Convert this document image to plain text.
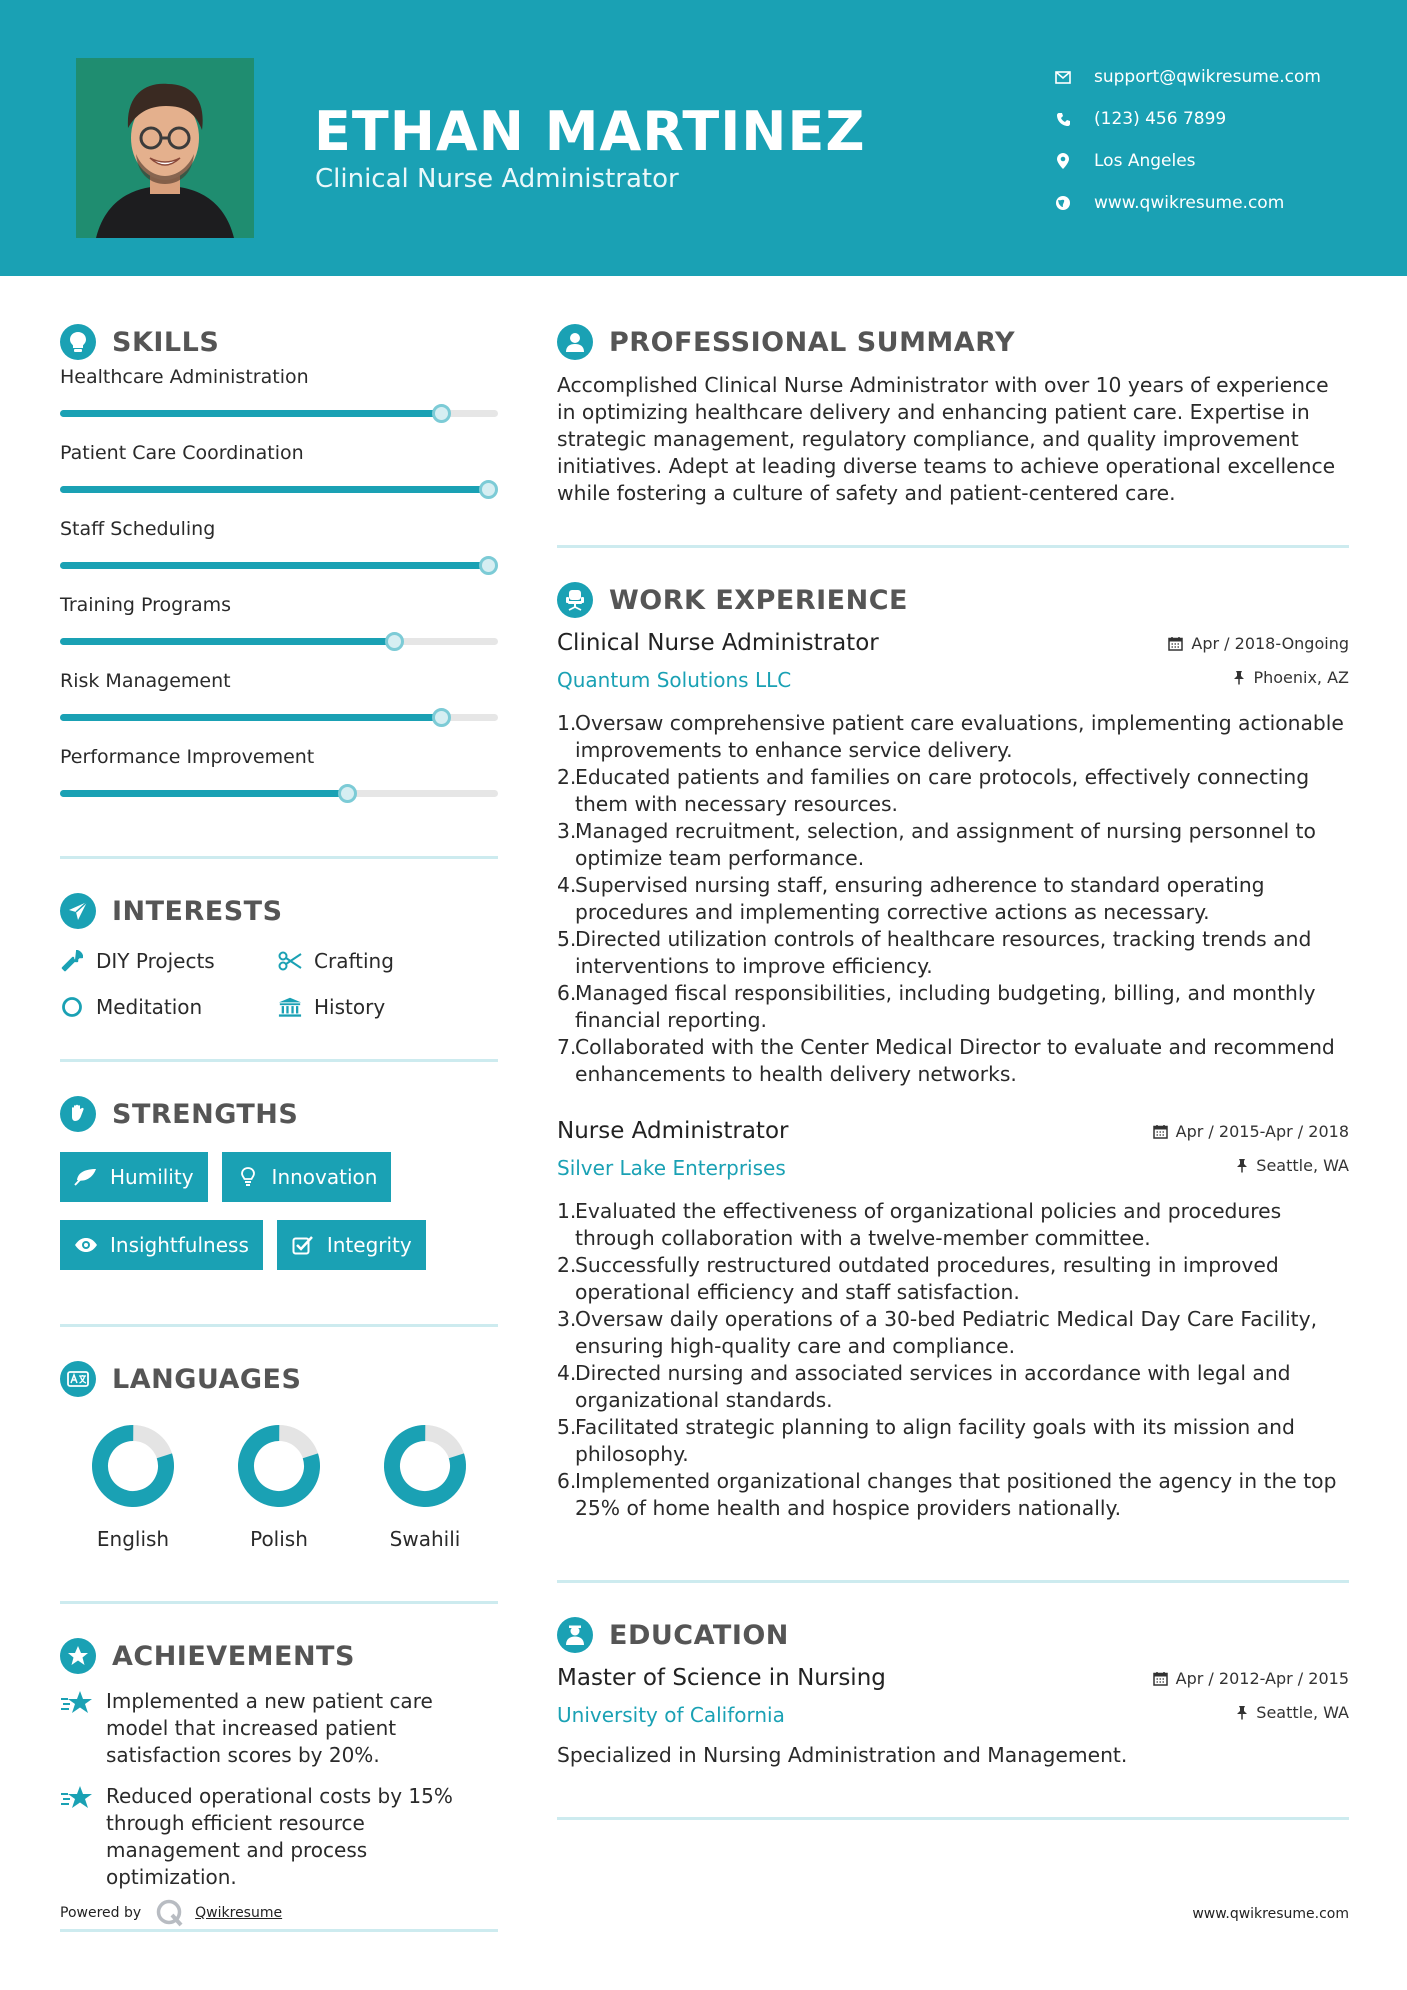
ETHAN MARTINEZ
Clinical Nurse Administrator
support@qwikresume.com
(123) 456 7899
Los Angeles
www.qwikresume.com
SKILLS
Healthcare Administration
Patient Care Coordination
Staff Scheduling
Training Programs
Risk Management
Performance Improvement
INTERESTS
DIY Projects	Crafting
Meditation	History
STRENGTHS
Humility	Innovation
Insightfulness	Integrity
LANGUAGES
English	Polish	Swahili
ACHIEVEMENTS

Implemented a new patient care model that increased patient satisfaction scores by 20%.

Reduced operational costs by 15% through efficient resource management and process optimization.

PROFESSIONAL SUMMARY

Accomplished Clinical Nurse Administrator with over 10 years of experience in optimizing healthcare delivery and enhancing patient care. Expertise in strategic management, regulatory compliance, and quality improvement initiatives. Adept at leading diverse teams to achieve operational excellence while fostering a culture of safety and patient-centered care.

WORK EXPERIENCE
Clinical Nurse Administrator
Quantum Solutions LLC
Apr / 2018-Ongoing
Phoenix, AZ
1.
Oversaw comprehensive patient care evaluations, implementing actionable improvements to enhance service delivery.
2.
Educated patients and families on care protocols, effectively connecting them with necessary resources.
3.
Managed recruitment, selection, and assignment of nursing personnel to optimize team performance.
4.
Supervised nursing staff, ensuring adherence to standard operating procedures and implementing corrective actions as necessary.
5.
Directed utilization controls of healthcare resources, tracking trends and interventions to improve efficiency.
6.
Managed fiscal responsibilities, including budgeting, billing, and monthly financial reporting.
7.
Collaborated with the Center Medical Director to evaluate and recommend enhancements to health delivery networks.
Nurse Administrator
Silver Lake Enterprises
Apr / 2015-Apr / 2018
Seattle, WA
1.
Evaluated the effectiveness of organizational policies and procedures through collaboration with a twelve-member committee.
2.
Successfully restructured outdated procedures, resulting in improved operational efficiency and staff satisfaction.
3.
Oversaw daily operations of a 30-bed Pediatric Medical Day Care Facility, ensuring high-quality care and compliance.
4.
Directed nursing and associated services in accordance with legal and organizational standards.
5.
Facilitated strategic planning to align facility goals with its mission and philosophy.
6.
Implemented organizational changes that positioned the agency in the top 25% of home health and hospice providers nationally.
EDUCATION
Master of Science in Nursing
University of California
Apr / 2012-Apr / 2015
Seattle, WA

Specialized in Nursing Administration and Management.

Powered by	Qwikresume	www.qwikresume.com
